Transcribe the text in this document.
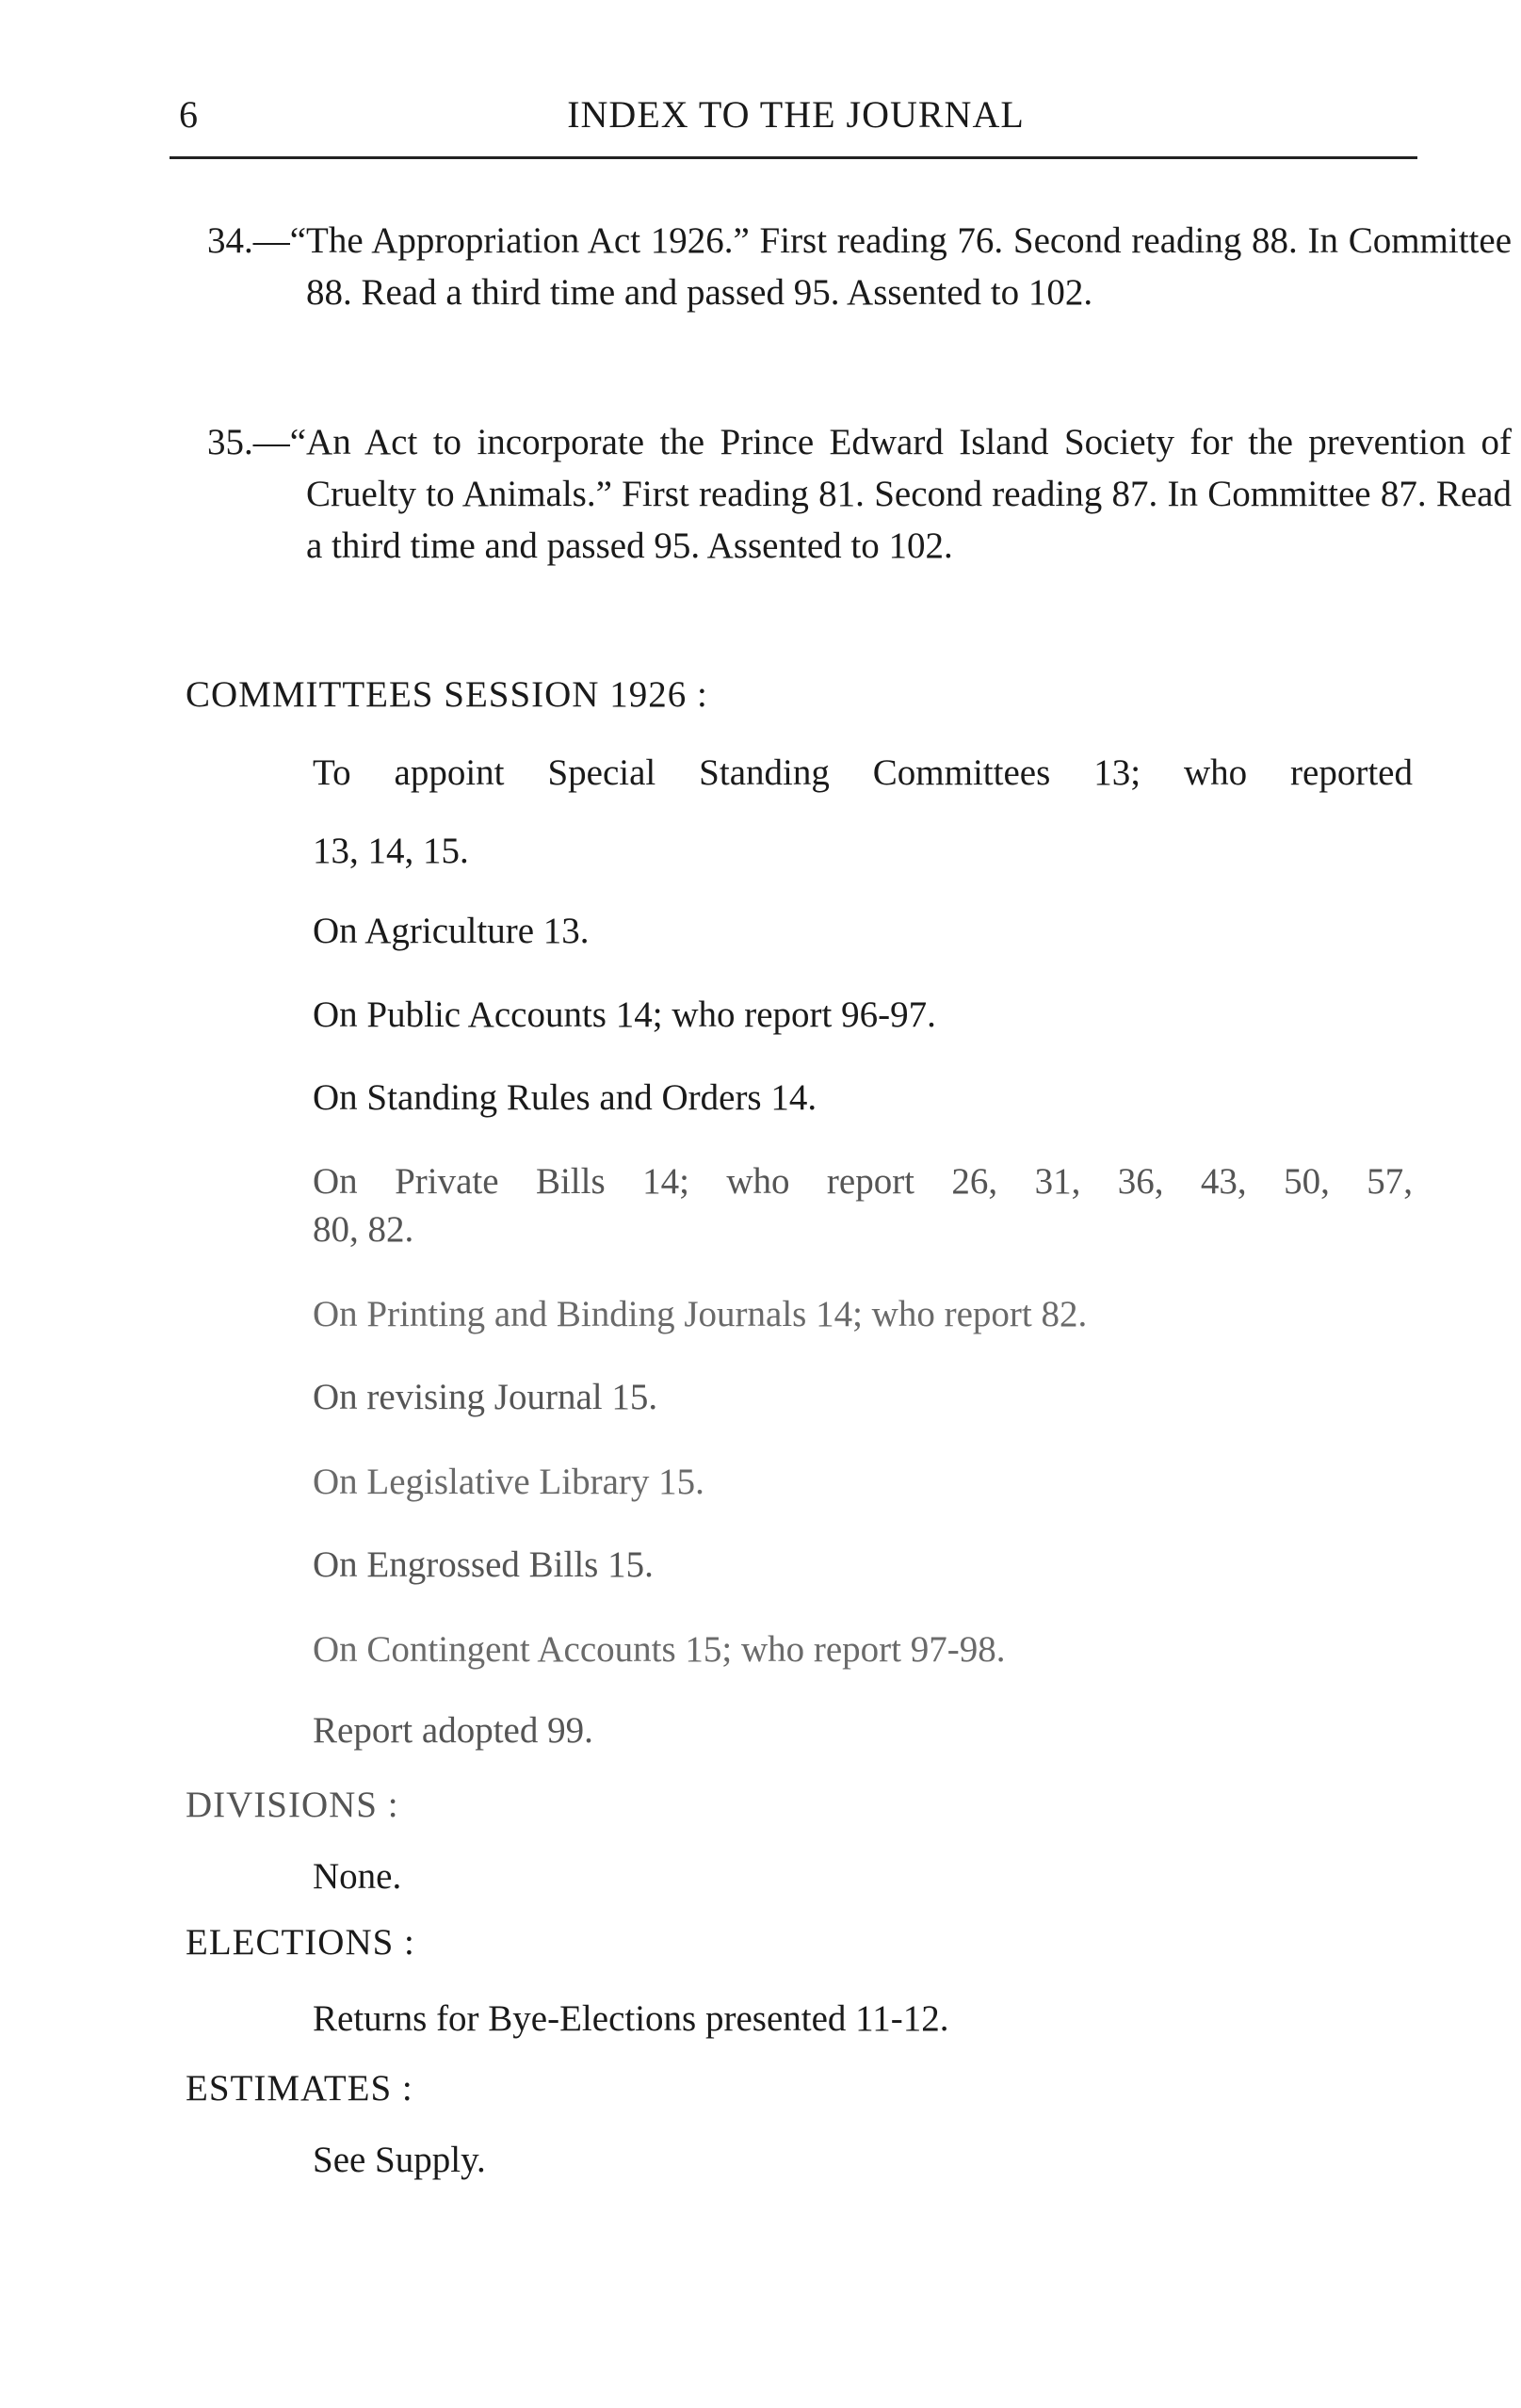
6	INDEX TO THE JOURNAL
34.—“The Appropriation Act 1926.” First reading 76. Second reading 88. In Committee 88. Read a third time and passed 95. Assented to 102.
35.—“An Act to incorporate the Prince Edward Island Society for the prevention of Cruelty to Animals.” First reading 81. Second reading 87. In Committee 87. Read a third time and passed 95. Assented to 102.
COMMITTEES SESSION 1926 :
To appoint Special Standing Committees 13; who reported
13, 14, 15.
On Agriculture 13.
On Public Accounts 14; who report 96-97.
On Standing Rules and Orders 14.
On Private Bills 14; who report 26, 31, 36, 43, 50, 57,
80, 82.
On Printing and Binding Journals 14; who report 82.
On revising Journal 15.
On Legislative Library 15.
On Engrossed Bills 15.
On Contingent Accounts 15; who report 97-98.
Report adopted 99.
DIVISIONS :
None.
ELECTIONS :
Returns for Bye-Elections presented 11-12.
ESTIMATES :
See Supply.
